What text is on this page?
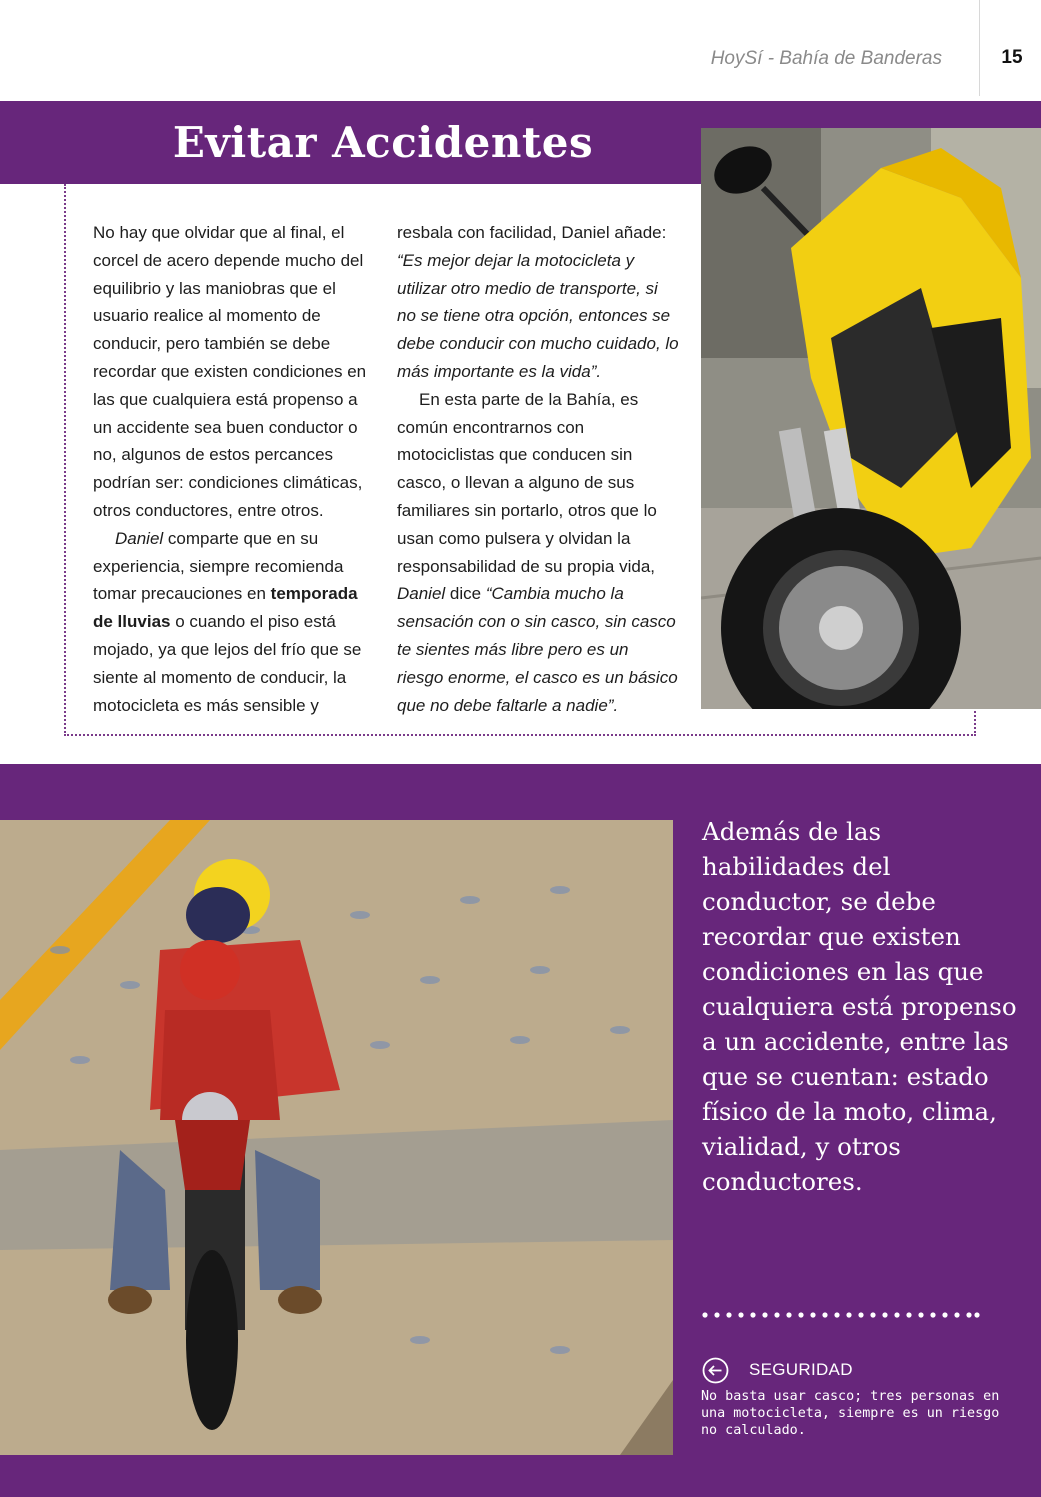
HoySí - Bahía de Banderas	15
Evitar Accidentes

No hay que olvidar que al final, el corcel de acero depende mucho del equilibrio y las maniobras que el usuario realice al momento de conducir, pero también se debe recordar que existen condiciones en las que cualquiera está propenso a un accidente sea buen conductor o no, algunos de estos percances podrían ser: condiciones climáticas, otros conductores, entre otros.

Daniel comparte que en su experiencia, siempre recomienda tomar precauciones en temporada de lluvias o cuando el piso está mojado, ya que lejos del frío que se siente al momento de conducir, la motocicleta es más sensible y

resbala con facilidad, Daniel añade: “Es mejor dejar la motocicleta y utilizar otro medio de transporte, si no se tiene otra opción, entonces se debe conducir con mucho cuidado, lo más importante es la vida”.

En esta parte de la Bahía, es común encontrarnos con motociclistas que conducen sin casco, o llevan a alguno de sus familiares sin portarlo, otros que lo usan como pulsera y olvidan la responsabilidad de su propia vida, Daniel dice “Cambia mucho la sensación con o sin casco, sin casco te sientes más libre pero es un riesgo enorme, el casco es un básico que no debe faltarle a nadie”.

Además de las habilidades del conductor, se debe recordar que existen condiciones en las que cualquiera está propenso a un accidente, entre las que se cuentan: estado físico de la moto, clima, vialidad, y otros conductores.
SEGURIDAD
No basta usar casco; tres personas en una motocicleta, siempre es un riesgo no calculado.
